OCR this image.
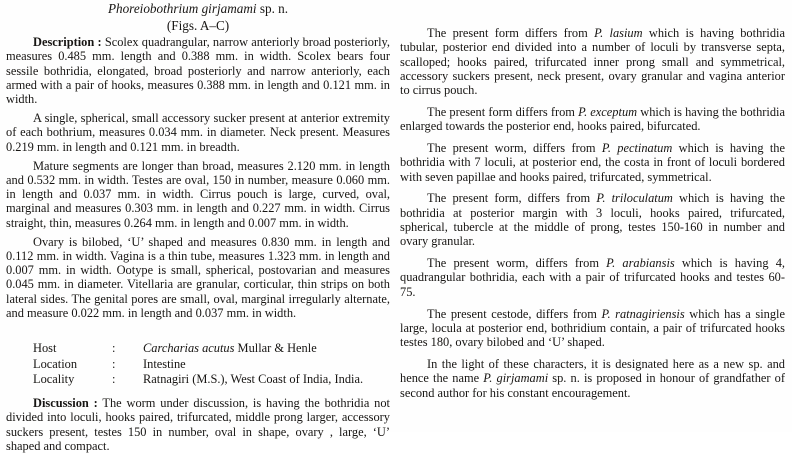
Phoreiobothrium girjamami sp. n.
(Figs. A–C)

Description : Scolex quadrangular, narrow anteriorly broad posteriorly, measures 0.485 mm. length and 0.388 mm. in width. Scolex bears four sessile bothridia, elongated, broad posteriorly and narrow anteriorly, each armed with a pair of hooks, measures 0.388 mm. in length and 0.121 mm. in width.

A single, spherical, small accessory sucker present at anterior extremity of each bothrium, measures 0.034 mm. in diameter. Neck present. Measures 0.219 mm. in length and 0.121 mm. in breadth.

Mature segments are longer than broad, measures 2.120 mm. in length and 0.532 mm. in width. Testes are oval, 150 in number, measure 0.060 mm. in length and 0.037 mm. in width. Cirrus pouch is large, curved, oval, marginal and measures 0.303 mm. in length and 0.227 mm. in width. Cirrus straight, thin, measures 0.264 mm. in length and 0.007 mm. in width.

Ovary is bilobed, ‘U’ shaped and measures 0.830 mm. in length and 0.112 mm. in width. Vagina is a thin tube, measures 1.323 mm. in length and 0.007 mm. in width. Ootype is small, spherical, postovarian and measures 0.045 mm. in diameter. Vitellaria are granular, corticular, thin strips on both lateral sides. The genital pores are small, oval, marginal irregularly alternate, and measure 0.022 mm. in length and 0.037 mm. in width.

Host	:	Carcharias acutus Mullar & Henle
Location	:	Intestine
Locality	:	Ratnagiri (M.S.), West Coast of India, India.

Discussion : The worm under discussion, is having the bothridia not divided into loculi, hooks paired, trifurcated, middle prong larger, accessory suckers present, testes 150 in number, oval in shape, ovary , large, ‘U’ shaped and compact.

The present form differs from P. lasium which is having bothridia tubular, posterior end divided into a number of loculi by transverse septa, scalloped; hooks paired, trifurcated inner prong small and symmetrical, accessory suckers present, neck present, ovary granular and vagina anterior to cirrus pouch.

The present form differs from P. exceptum which is having the bothridia enlarged towards the posterior end, hooks paired, bifurcated.

The present worm, differs from P. pectinatum which is having the bothridia with 7 loculi, at posterior end, the costa in front of loculi bordered with seven papillae and hooks paired, trifurcated, symmetrical.

The present form, differs from P. triloculatum which is having the bothridia at posterior margin with 3 loculi, hooks paired, trifurcated, spherical, tubercle at the middle of prong, testes 150-160 in number and ovary granular.

The present worm, differs from P. arabiansis which is having 4, quadrangular bothridia, each with a pair of trifurcated hooks and testes 60-75.

The present cestode, differs from P. ratnagiriensis which has a single large, locula at posterior end, bothridium contain, a pair of trifurcated hooks testes 180, ovary bilobed and ‘U’ shaped.

In the light of these characters, it is designated here as a new sp. and hence the name P. girjamami sp. n. is proposed in honour of grandfather of second author for his constant encouragement.
